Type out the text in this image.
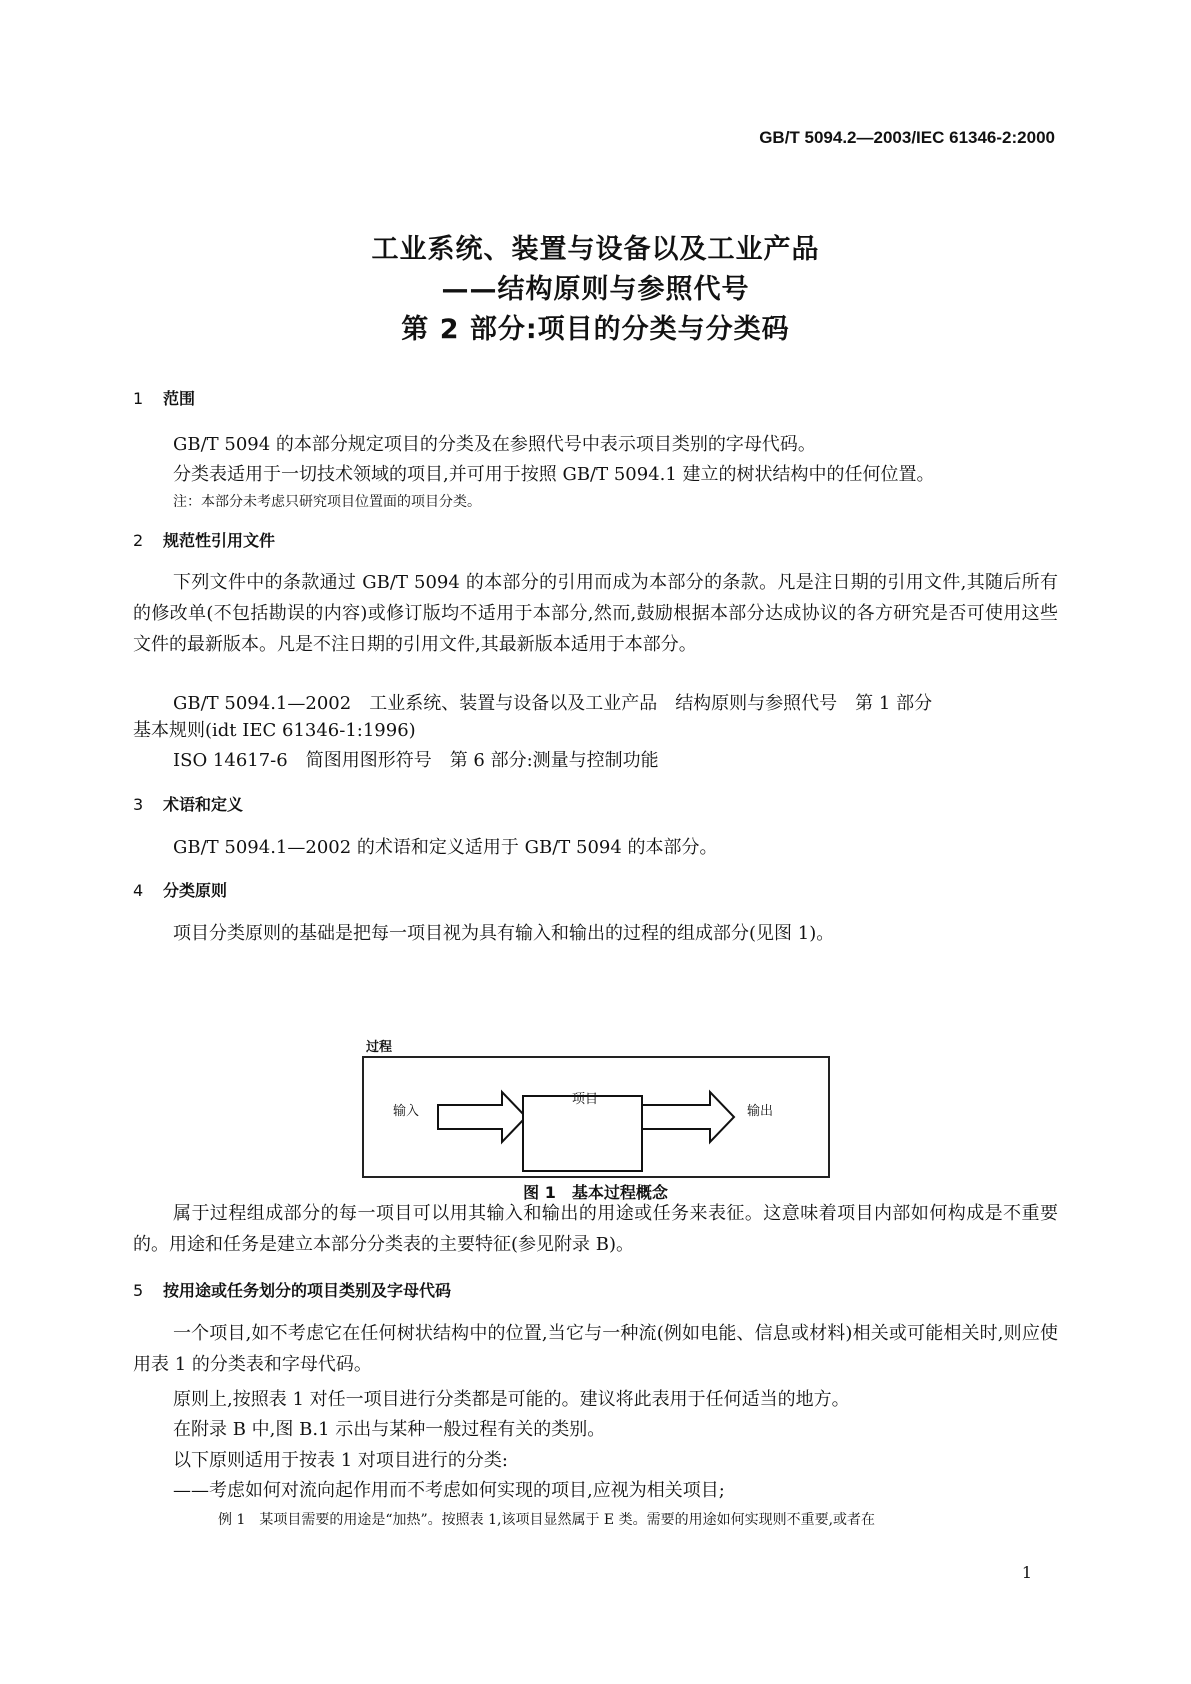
GB/T 5094.2—2003/IEC 61346-2:2000
工业系统、装置与设备以及工业产品
——结构原则与参照代号
第 2 部分:项目的分类与分类码
1 范围
GB/T 5094 的本部分规定项目的分类及在参照代号中表示项目类别的字母代码。
分类表适用于一切技术领域的项目,并可用于按照 GB/T 5094.1 建立的树状结构中的任何位置。
注：本部分未考虑只研究项目位置面的项目分类。
2 规范性引用文件
下列文件中的条款通过 GB/T 5094 的本部分的引用而成为本部分的条款。凡是注日期的引用文件,其随后所有的修改单(不包括勘误的内容)或修订版均不适用于本部分,然而,鼓励根据本部分达成协议的各方研究是否可使用这些文件的最新版本。凡是不注日期的引用文件,其最新版本适用于本部分。
GB/T 5094.1—2002　工业系统、装置与设备以及工业产品　结构原则与参照代号　第 1 部分
基本规则(idt IEC 61346-1:1996)
ISO 14617-6　简图用图形符号　第 6 部分:测量与控制功能
3 术语和定义
GB/T 5094.1—2002 的术语和定义适用于 GB/T 5094 的本部分。
4 分类原则
项目分类原则的基础是把每一项目视为具有输入和输出的过程的组成部分(见图 1)。
过程
输入
项目
输出
图 1　基本过程概念
属于过程组成部分的每一项目可以用其输入和输出的用途或任务来表征。这意味着项目内部如何构成是不重要的。用途和任务是建立本部分分类表的主要特征(参见附录 B)。
5 按用途或任务划分的项目类别及字母代码
一个项目,如不考虑它在任何树状结构中的位置,当它与一种流(例如电能、信息或材料)相关或可能相关时,则应使用表 1 的分类表和字母代码。
原则上,按照表 1 对任一项目进行分类都是可能的。建议将此表用于任何适当的地方。
在附录 B 中,图 B.1 示出与某种一般过程有关的类别。
以下原则适用于按表 1 对项目进行的分类:
——考虑如何对流向起作用而不考虑如何实现的项目,应视为相关项目;
例 1　某项目需要的用途是“加热”。按照表 1,该项目显然属于 E 类。需要的用途如何实现则不重要,或者在
1
